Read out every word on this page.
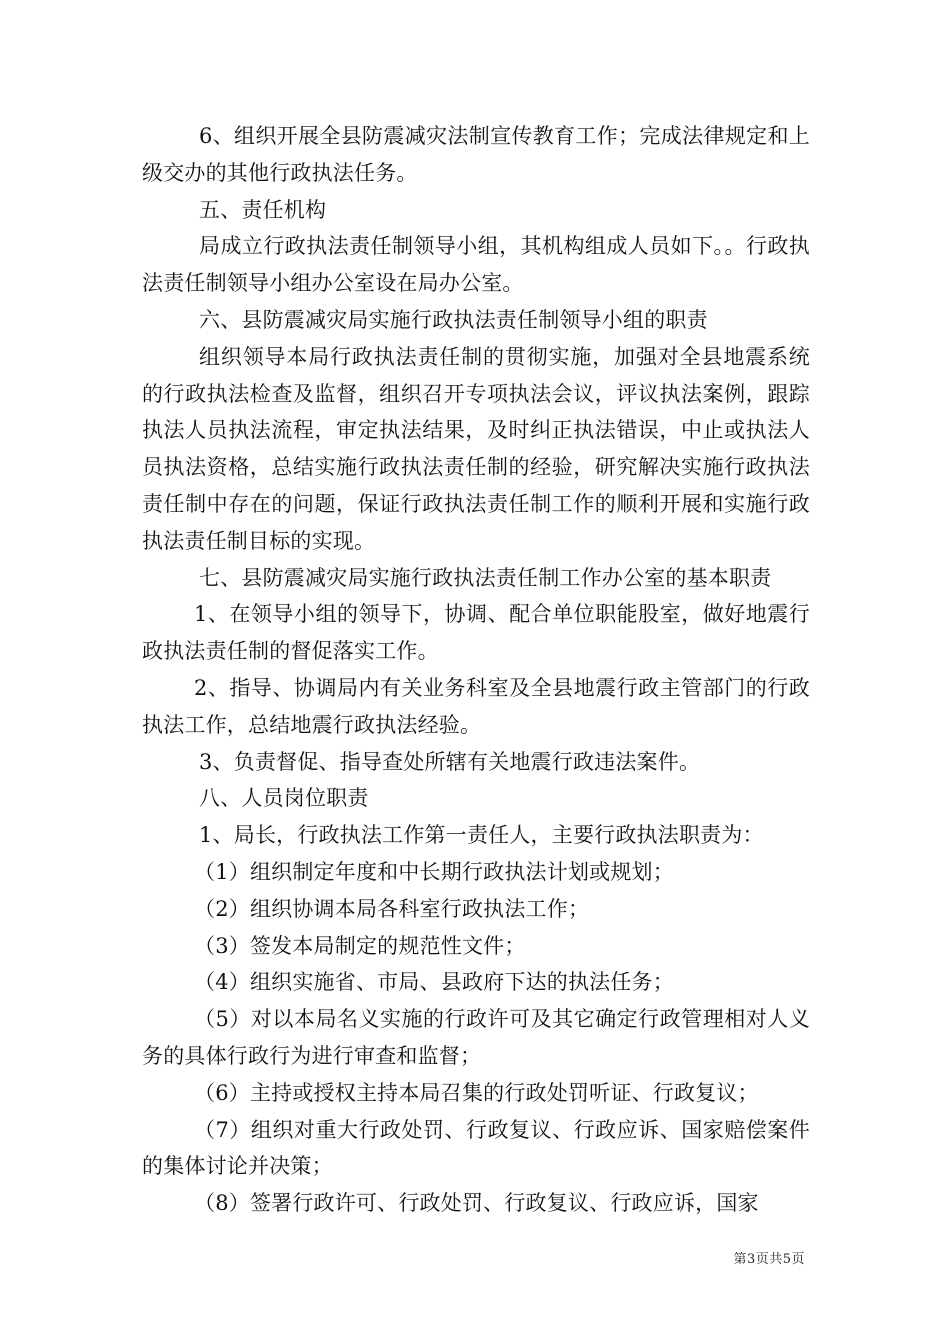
6、组织开展全县防震减灾法制宣传教育工作；完成法律规定和上级交办的其他行政执法任务。

五、责任机构

局成立行政执法责任制领导小组，其机构组成人员如下。。行政执法责任制领导小组办公室设在局办公室。

六、县防震减灾局实施行政执法责任制领导小组的职责

组织领导本局行政执法责任制的贯彻实施，加强对全县地震系统的行政执法检查及监督，组织召开专项执法会议，评议执法案例，跟踪执法人员执法流程，审定执法结果，及时纠正执法错误，中止或执法人员执法资格，总结实施行政执法责任制的经验，研究解决实施行政执法责任制中存在的问题，保证行政执法责任制工作的顺利开展和实施行政执法责任制目标的实现。

七、县防震减灾局实施行政执法责任制工作办公室的基本职责

1、在领导小组的领导下，协调、配合单位职能股室，做好地震行政执法责任制的督促落实工作。

2、指导、协调局内有关业务科室及全县地震行政主管部门的行政执法工作，总结地震行政执法经验。

3、负责督促、指导查处所辖有关地震行政违法案件。

八、人员岗位职责

1、局长，行政执法工作第一责任人，主要行政执法职责为：

（1）组织制定年度和中长期行政执法计划或规划；

（2）组织协调本局各科室行政执法工作；

（3）签发本局制定的规范性文件；

（4）组织实施省、市局、县政府下达的执法任务；

（5）对以本局名义实施的行政许可及其它确定行政管理相对人义务的具体行政行为进行审查和监督；

（6）主持或授权主持本局召集的行政处罚听证、行政复议；

（7）组织对重大行政处罚、行政复议、行政应诉、国家赔偿案件的集体讨论并决策；

（8）签署行政许可、行政处罚、行政复议、行政应诉，国家

第3页共5页
